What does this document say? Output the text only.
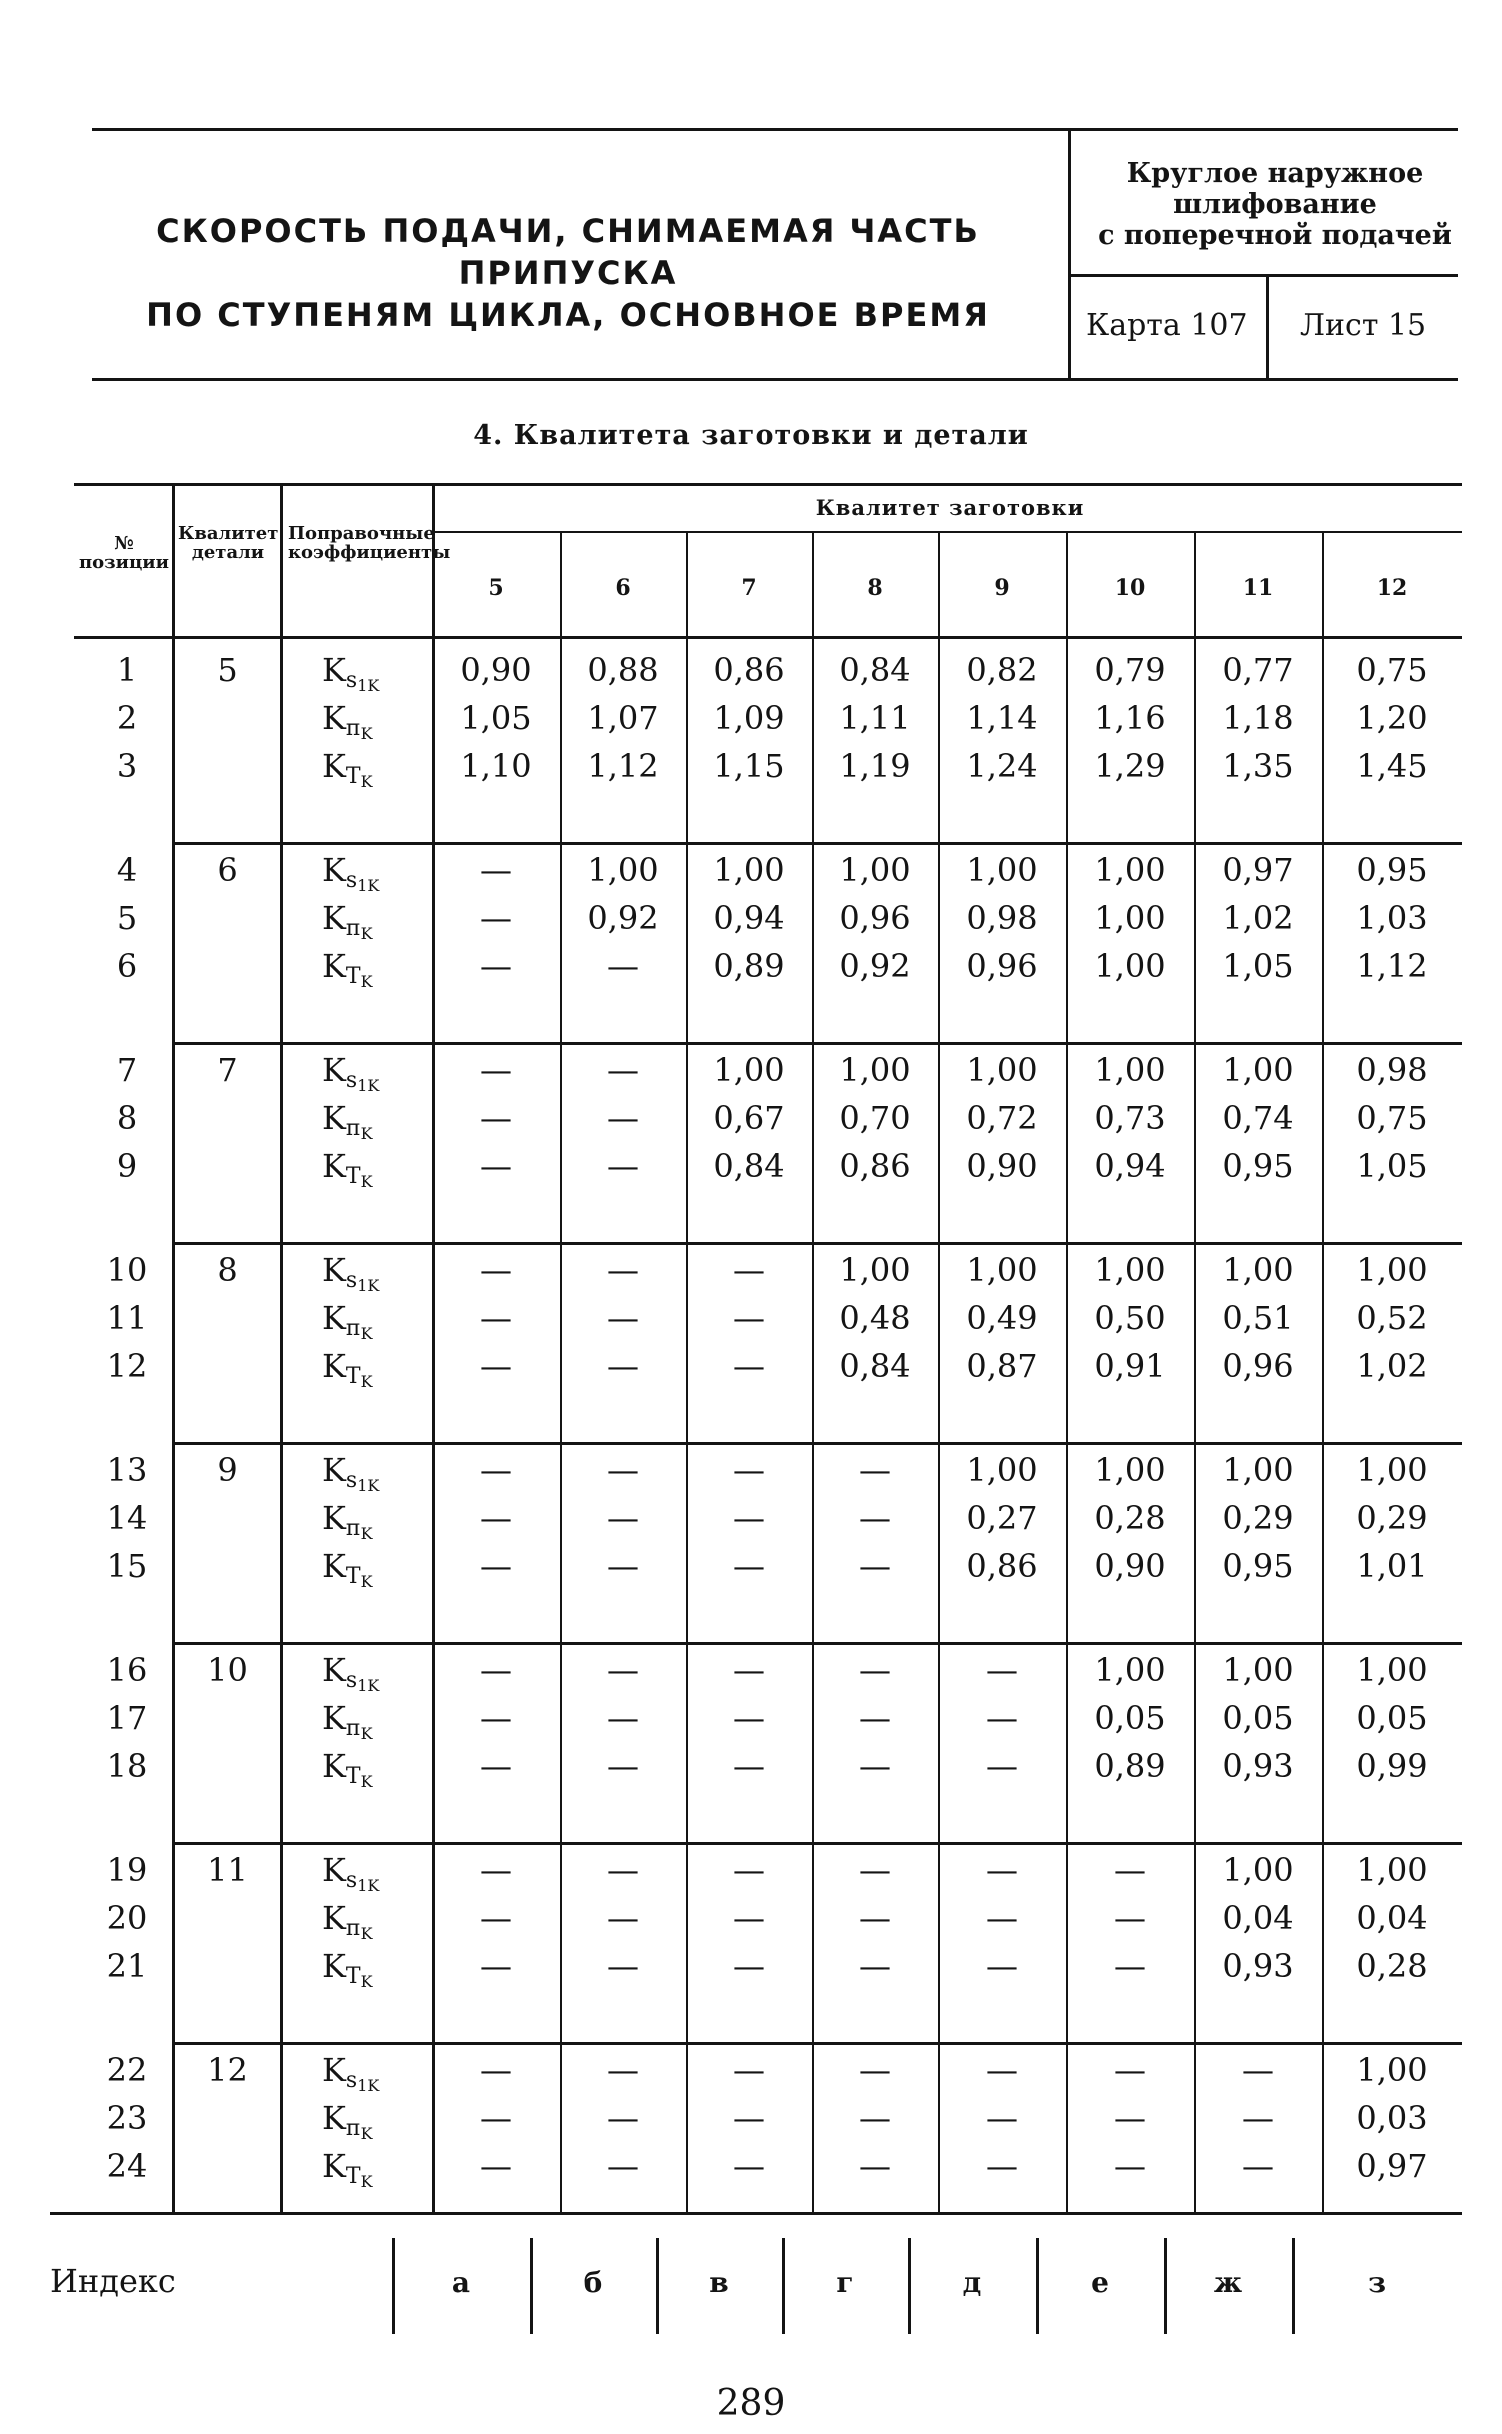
СКОРОСТЬ ПОДАЧИ, СНИМАЕМАЯ ЧАСТЬ ПРИПУСКА
ПО СТУПЕНЯМ ЦИКЛА, ОСНОВНОЕ ВРЕМЯ
Круглое наружное
шлифование
с поперечной подачей
Карта 107 Лист 15
4. Квалитета заготовки и детали
№ позиции
Квалитет детали
Поправочные коэффициенты
Квалитет заготовки
5	6	7	8	9	10	11	12
5
1	$K_{s_{1K}}$	0,90	0,88	0,86	0,84	0,82	0,79	0,77	0,75
2	$K_{п_K}$	1,05	1,07	1,09	1,11	1,14	1,16	1,18	1,20
3	$K_{T_K}$	1,10	1,12	1,15	1,19	1,24	1,29	1,35	1,45
6
4	$K_{s_{1K}}$	—	1,00	1,00	1,00	1,00	1,00	0,97	0,95
5	$K_{п_K}$	—	0,92	0,94	0,96	0,98	1,00	1,02	1,03
6	$K_{T_K}$	—	—	0,89	0,92	0,96	1,00	1,05	1,12
7
7	$K_{s_{1K}}$	—	—	1,00	1,00	1,00	1,00	1,00	0,98
8	$K_{п_K}$	—	—	0,67	0,70	0,72	0,73	0,74	0,75
9	$K_{T_K}$	—	—	0,84	0,86	0,90	0,94	0,95	1,05
8
10	$K_{s_{1K}}$	—	—	—	1,00	1,00	1,00	1,00	1,00
11	$K_{п_K}$	—	—	—	0,48	0,49	0,50	0,51	0,52
12	$K_{T_K}$	—	—	—	0,84	0,87	0,91	0,96	1,02
9
13	$K_{s_{1K}}$	—	—	—	—	1,00	1,00	1,00	1,00
14	$K_{п_K}$	—	—	—	—	0,27	0,28	0,29	0,29
15	$K_{T_K}$	—	—	—	—	0,86	0,90	0,95	1,01
10
16	$K_{s_{1K}}$	—	—	—	—	—	1,00	1,00	1,00
17	$K_{п_K}$	—	—	—	—	—	0,05	0,05	0,05
18	$K_{T_K}$	—	—	—	—	—	0,89	0,93	0,99
11
19	$K_{s_{1K}}$	—	—	—	—	—	—	1,00	1,00
20	$K_{п_K}$	—	—	—	—	—	—	0,04	0,04
21	$K_{T_K}$	—	—	—	—	—	—	0,93	0,28
12
22	$K_{s_{1K}}$	—	—	—	—	—	—	—	1,00
23	$K_{п_K}$	—	—	—	—	—	—	—	0,03
24	$K_{T_K}$	—	—	—	—	—	—	—	0,97
Индекс	а	б	в	г	д	е	ж	з
289
